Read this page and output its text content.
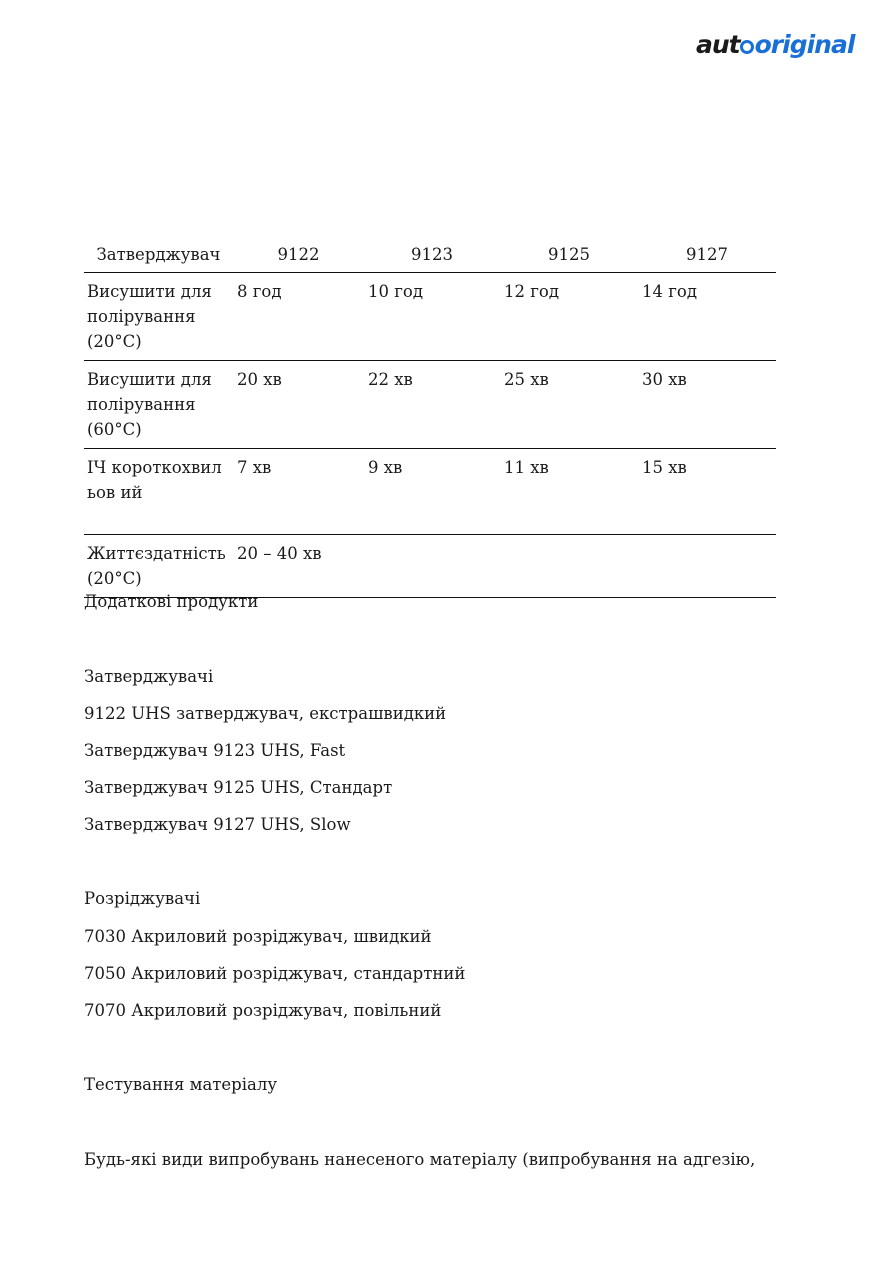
aut original
Затверджувач	9122	9123	9125	9127
Висушити для полірування (20°C)	8 год	10 год	12 год	14 год
Висушити для полірування (60°C)	20 хв	22 хв	25 хв	30 хв
ІЧ короткохвильов ий	7 хв	9 хв	11 хв	15 хв
Життєздатність (20°C)	20 – 40 хв			
Додаткові продукти
Затверджувачі
9122 UHS затверджувач, екстрашвидкий
Затверджувач 9123 UHS, Fast
Затверджувач 9125 UHS, Стандарт
Затверджувач 9127 UHS, Slow
Розріджувачі
7030 Акриловий розріджувач, швидкий
7050 Акриловий розріджувач, стандартний
7070 Акриловий розріджувач, повільний
Тестування матеріалу
Будь-які види випробувань нанесеного матеріалу (випробування на адгезію,
